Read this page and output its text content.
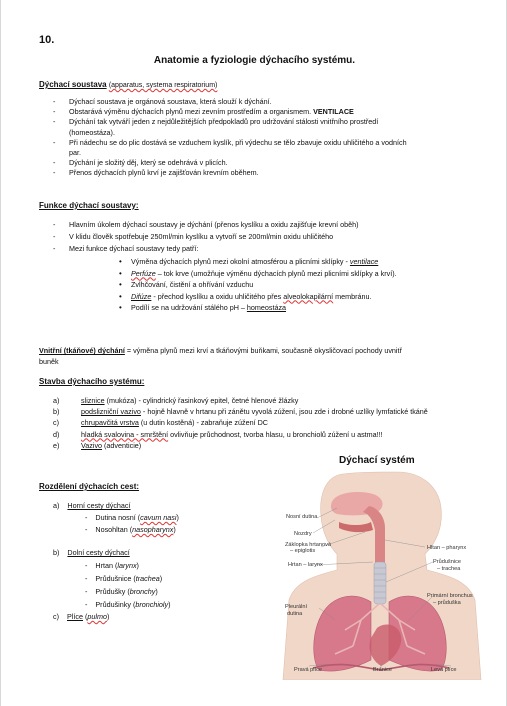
10.
Anatomie a fyziologie dýchacího systému.
Dýchací soustava (apparatus, systema respiratorium)
- Dýchací soustava je orgánová soustava, která slouží k dýchání.
- Obstarává výměnu dýchacích plynů mezi zevním prostředím a organismem. VENTILACE
- Dýchání tak vytváří jeden z nejdůležitějších předpokladů pro udržování stálosti vnitřního prostředí
(homeostáza).
- Při nádechu se do plic dostává se vzduchem kyslík, při výdechu se tělo zbavuje oxidu uhličitého a vodních
par.
- Dýchání je složitý děj, který se odehrává v plicích.
- Přenos dýchacích plynů krví je zajišťován krevním oběhem.
Funkce dýchací soustavy:
- Hlavním úkolem dýchací soustavy je dýchání (přenos kyslíku a oxidu zajišťuje krevní oběh)
- V klidu člověk spotřebuje 250ml/min kyslíku a vytvoří se 200ml/min oxidu uhličitého
- Mezi funkce dýchací soustavy tedy patří:
• Výměna dýchacích plynů mezi okolní atmosférou a plicními sklípky - ventilace
• Perfúze – tok krve (umožňuje výměnu dýchacích plynů mezi plicními sklípky a krví).
• Zvlhčování, čistění a ohřívání vzduchu
• Difúze - přechod kyslíku a oxidu uhličitého přes alveolokapilární membránu.
• Podílí se na udržování stálého pH – homeostáza
Vnitřní (tkáňové) dýchání = výměna plynů mezi krví a tkáňovými buňkami, současně okysličovací pochody uvnitř
buněk
Stavba dýchacího systému:
a)	sliznice (mukóza) - cylindrický řasinkový epitel, četné hlenové žlázky
b)	podslizniční vazivo - hojně hlavně v hrtanu při zánětu vyvolá zúžení, jsou zde i drobné uzlíky lymfatické tkáně
c)	chrupavčitá vrstva (u dutin kostěná) - zabraňuje zúžení DC
d)	hladká svalovina - smrštění ovlivňuje průchodnost, tvorba hlasu, u bronchiolů zúžení u astma!!!
e)	Vazivo (adventicie)
Rozdělení dýchacích cest:
a) Horní cesty dýchací
-    Dutina nosní (cavum nasi)
-    Nosohltan (nasopharynx)
b) Dolní cesty dýchací
-    Hrtan (larynx)
-    Průdušnice (trachea)
-    Průdušky (bronchy)
-    Průdušinky (bronchioly)
c) Plíce (pulmo)
Dýchací systém
Nosní dutina
Nozdry
Záklopka hrtanová
– epiglotis
Hrtan – larynx
Hltan – pharynx
Průdušnice
– trachea
Pleurální
dutina
Primární bronchus
– průduška
Pravá plíce	Bránice	Levá plíce
